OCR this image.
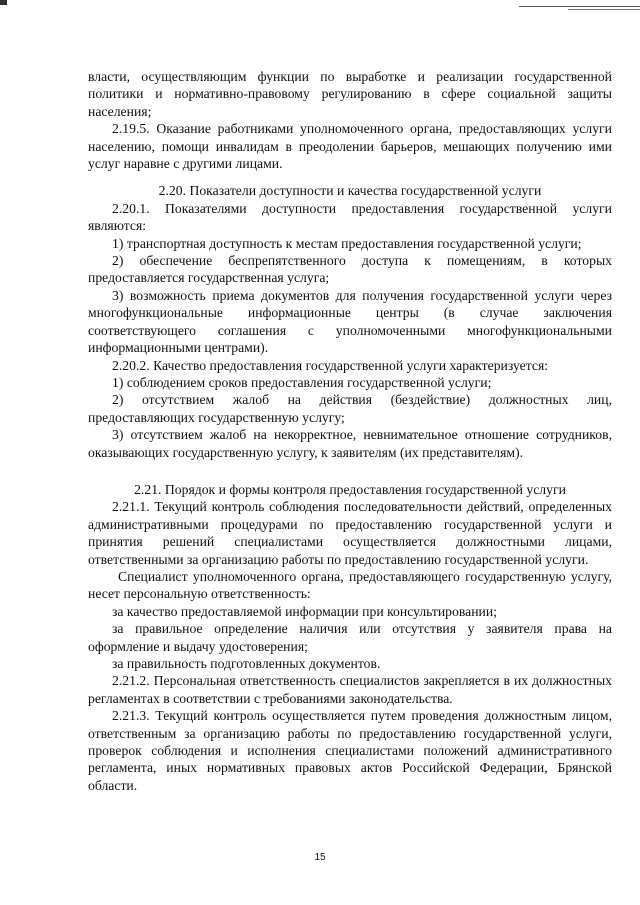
власти, осуществляющим функции по выработке и реализации государственной политики и нормативно-правовому регулированию в сфере социальной защиты населения;

2.19.5. Оказание работниками уполномоченного органа, предоставляющих услуги населению, помощи инвалидам в преодолении барьеров, мешающих получению ими услуг наравне с другими лицами.

2.20. Показатели доступности и качества государственной услуги

2.20.1. Показателями доступности предоставления государственной услуги являются:

1) транспортная доступность к местам предоставления государственной услуги;

2) обеспечение беспрепятственного доступа к помещениям, в которых предоставляется государственная услуга;

3) возможность приема документов для получения государственной услуги через многофункциональные информационные центры (в случае заключения соответствующего соглашения с уполномоченными многофункциональными информационными центрами).

2.20.2. Качество предоставления государственной услуги характеризуется:

1) соблюдением сроков предоставления государственной услуги;

2) отсутствием жалоб на действия (бездействие) должностных лиц, предоставляющих государственную услугу;

3) отсутствием жалоб на некорректное, невнимательное отношение сотрудников, оказывающих государственную услугу, к заявителям (их представителям).

2.21. Порядок и формы контроля предоставления государственной услуги

2.21.1. Текущий контроль соблюдения последовательности действий, определенных административными процедурами по предоставлению государственной услуги и принятия решений специалистами осуществляется должностными лицами, ответственными за организацию работы по предоставлению государственной услуги.

Специалист уполномоченного органа, предоставляющего государственную услугу, несет персональную ответственность:

за качество предоставляемой информации при консультировании;

за правильное определение наличия или отсутствия у заявителя права на оформление и выдачу удостоверения;

за правильность подготовленных документов.

2.21.2. Персональная ответственность специалистов закрепляется в их должностных регламентах в соответствии с требованиями законодательства.

2.21.3. Текущий контроль осуществляется путем проведения должностным лицом, ответственным за организацию работы по предоставлению государственной услуги, проверок соблюдения и исполнения специалистами положений административного регламента, иных нормативных правовых актов Российской Федерации, Брянской области.

15
